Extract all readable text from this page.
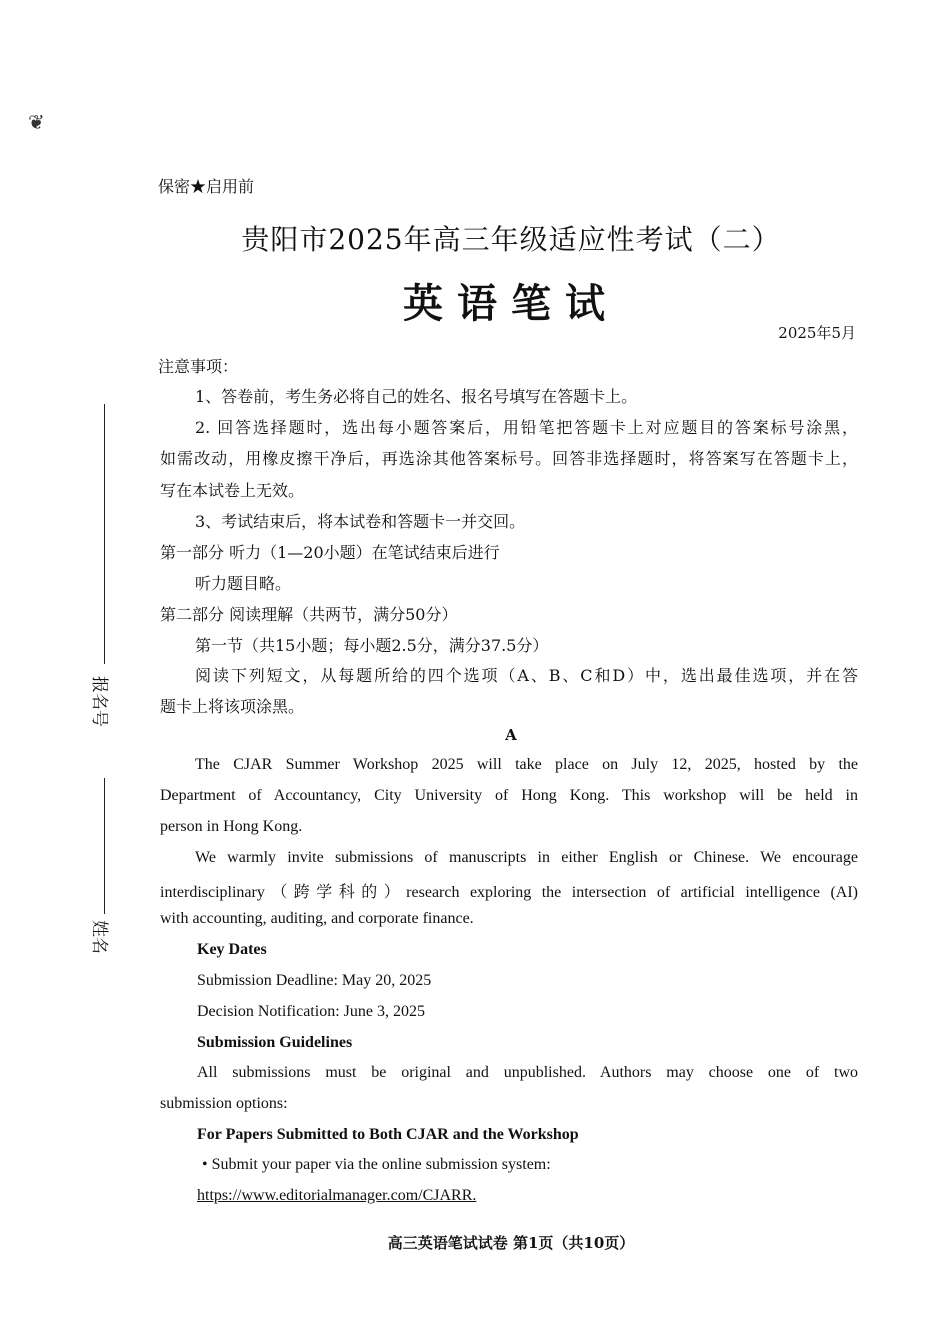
❦
保密★启用前
贵阳市2025年高三年级适应性考试（二）
英语笔试
2025年5月
注意事项：
1、答卷前，考生务必将自己的姓名、报名号填写在答题卡上。
2. 回答选择题时，选出每小题答案后，用铅笔把答题卡上对应题目的答案标号涂黑，
如需改动，用橡皮擦干净后，再选涂其他答案标号。回答非选择题时，将答案写在答题卡上，
写在本试卷上无效。
3、考试结束后，将本试卷和答题卡一并交回。
第一部分 听力（1—20小题）在笔试结束后进行
听力题目略。
第二部分 阅读理解（共两节，满分50分）
第一节（共15小题；每小题2.5分，满分37.5分）
阅读下列短文，从每题所给的四个选项（A、B、C和D）中，选出最佳选项，并在答
题卡上将该项涂黑。
A
The CJAR Summer Workshop 2025 will take place on July 12, 2025, hosted by the
Department of Accountancy, City University of Hong Kong. This workshop will be held in
person in Hong Kong.
We warmly invite submissions of manuscripts in either English or Chinese. We encourage
interdisciplinary（跨学科的）research exploring the intersection of artificial intelligence (AI)
with accounting, auditing, and corporate finance.
Key Dates
Submission Deadline: May 20, 2025
Decision Notification: June 3, 2025
Submission Guidelines
All submissions must be original and unpublished. Authors may choose one of two
submission options:
For Papers Submitted to Both CJAR and the Workshop
• Submit your paper via the online submission system:
https://www.editorialmanager.com/CJARR.
报名号
姓名
高三英语笔试试卷 第1页（共10页）
